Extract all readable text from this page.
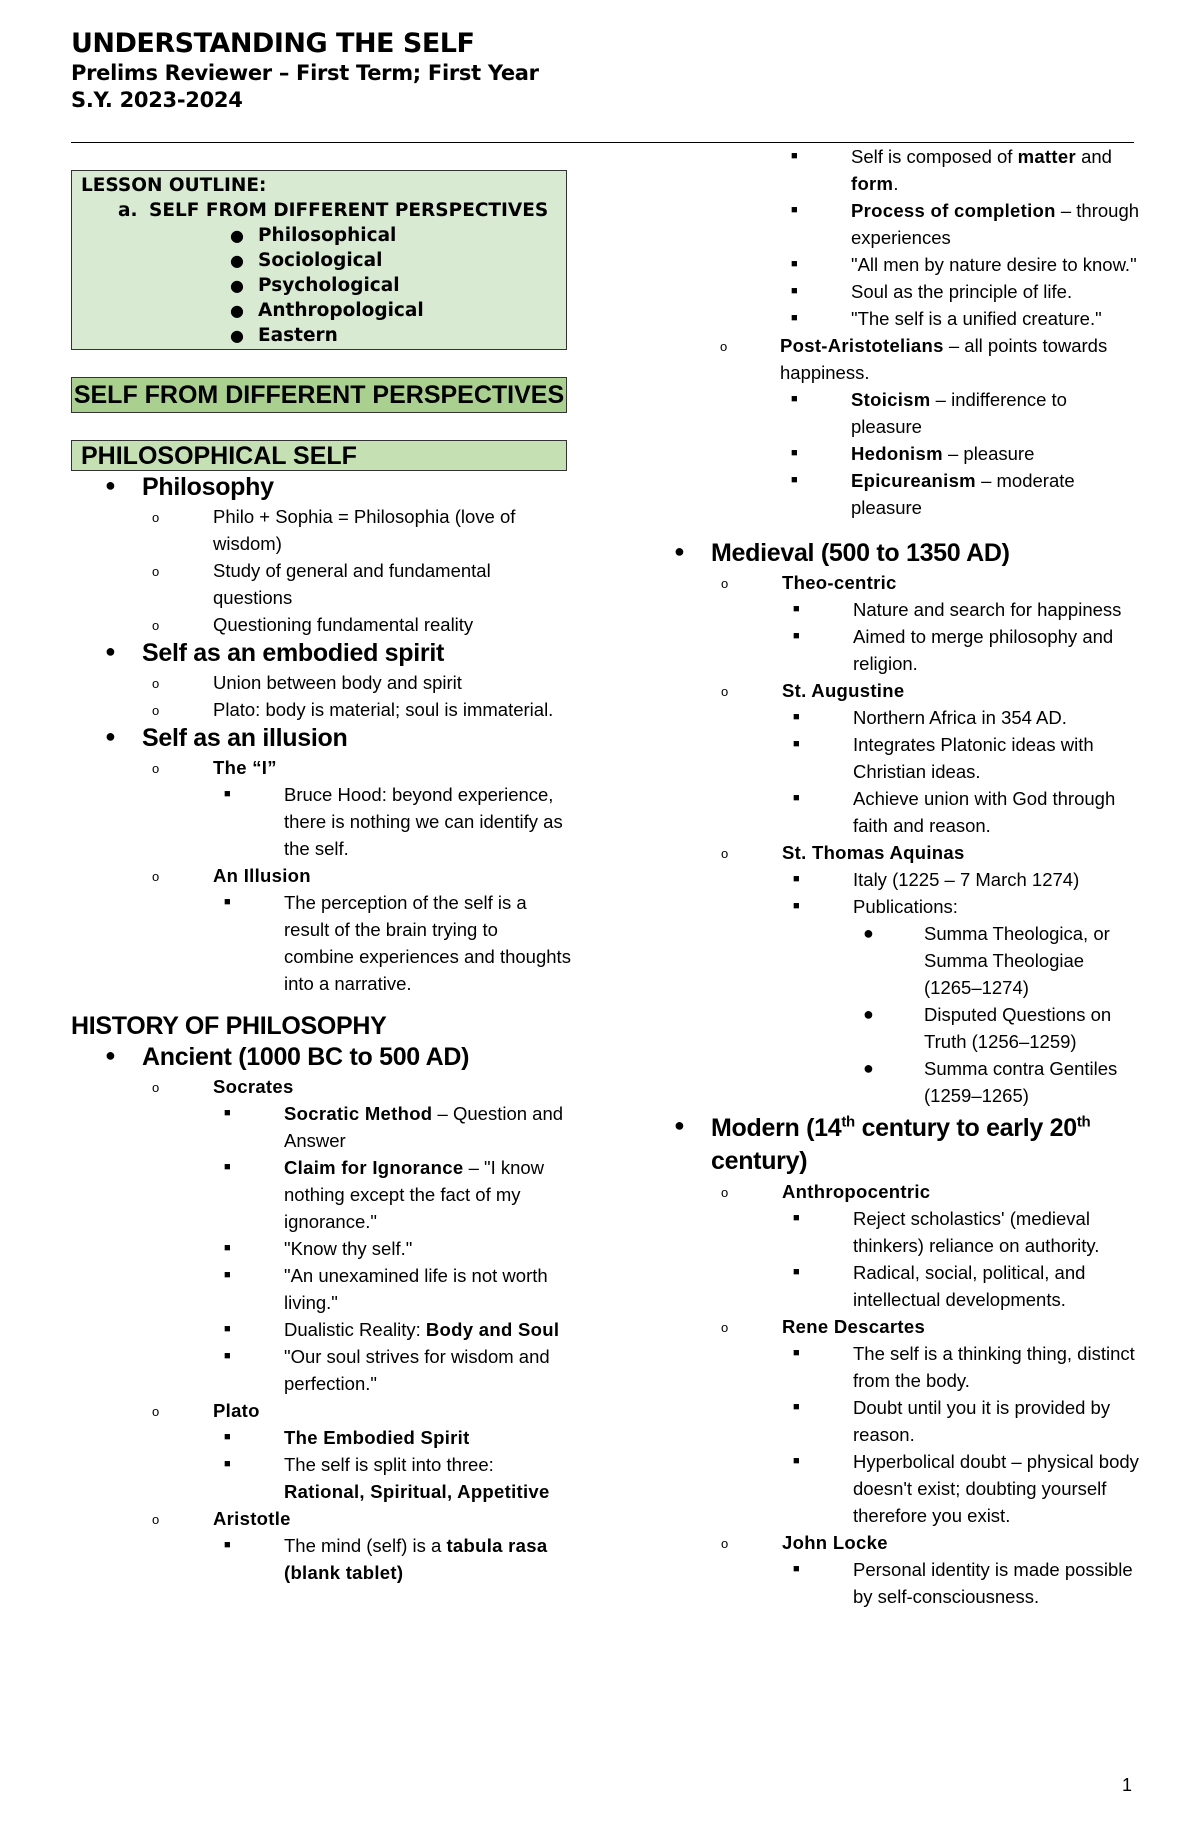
UNDERSTANDING THE SELF
Prelims Reviewer – First Term; First Year
S.Y. 2023-2024
LESSON OUTLINE:
a. SELF FROM DIFFERENT PERSPECTIVES
● Philosophical
● Sociological
● Psychological
● Anthropological
● Eastern
SELF FROM DIFFERENT PERSPECTIVES
PHILOSOPHICAL SELF
● Philosophy
o	Philo + Sophia = Philosophia (love of wisdom)
o	Study of general and fundamental questions
o	Questioning fundamental reality
● Self as an embodied spirit
o	Union between body and spirit
o	Plato: body is material; soul is immaterial.
● Self as an illusion
o	The “I”
■	Bruce Hood: beyond experience, there is nothing we can identify as the self.
o	An Illusion
■	The perception of the self is a result of the brain trying to combine experiences and thoughts into a narrative.
HISTORY OF PHILOSOPHY
● Ancient (1000 BC to 500 AD)
o	Socrates
■	Socratic Method – Question and Answer
■	Claim for Ignorance – "I know nothing except the fact of my ignorance."
■	"Know thy self."
■	"An unexamined life is not worth living."
■	Dualistic Reality: Body and Soul
■	"Our soul strives for wisdom and perfection."
o	Plato
■	The Embodied Spirit
■	The self is split into three: Rational, Spiritual, Appetitive
o	Aristotle
■	The mind (self) is a tabula rasa (blank tablet)
■	Self is composed of matter and form.
■	Process of completion – through experiences
■	"All men by nature desire to know."
■	Soul as the principle of life.
■	"The self is a unified creature."
o	Post-Aristotelians – all points towards happiness.
■	Stoicism – indifference to pleasure
■	Hedonism – pleasure
■	Epicureanism – moderate pleasure
● Medieval (500 to 1350 AD)
o	Theo-centric
■	Nature and search for happiness
■	Aimed to merge philosophy and religion.
o	St. Augustine
■	Northern Africa in 354 AD.
■	Integrates Platonic ideas with Christian ideas.
■	Achieve union with God through faith and reason.
o	St. Thomas Aquinas
■	Italy (1225 – 7 March 1274)
■	Publications:
●	Summa Theologica, or Summa Theologiae (1265–1274)
●	Disputed Questions on Truth (1256–1259)
●	Summa contra Gentiles (1259–1265)
● Modern (14th century to early 20th century)
o	Anthropocentric
■	Reject scholastics' (medieval thinkers) reliance on authority.
■	Radical, social, political, and intellectual developments.
o	Rene Descartes
■	The self is a thinking thing, distinct from the body.
■	Doubt until you it is provided by reason.
■	Hyperbolical doubt – physical body doesn't exist; doubting yourself therefore you exist.
o	John Locke
■	Personal identity is made possible by self-consciousness.
1
